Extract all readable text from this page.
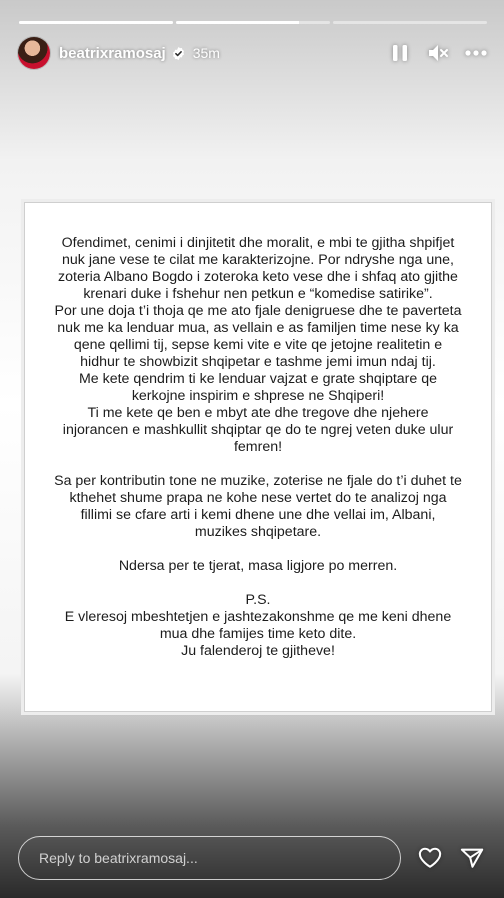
beatrixramosaj 35m

Ofendimet, cenimi i dinjitetit dhe moralit, e mbi te gjitha shpifjet nuk jane vese te cilat me karakterizojne. Por ndryshe nga une, zoteria Albano Bogdo i zoteroka keto vese dhe i shfaq ato gjithe krenari duke i fshehur nen petkun e “komedise satirike”.

Por une doja t’i thoja qe me ato fjale denigruese dhe te paverteta nuk me ka lenduar mua, as vellain e as familjen time nese ky ka qene qellimi tij, sepse kemi vite e vite qe jetojne realitetin e hidhur te showbizit shqipetar e tashme jemi imun ndaj tij.

Me kete qendrim ti ke lenduar vajzat e grate shqiptare qe kerkojne inspirim e shprese ne Shqiperi!

Ti me kete qe ben e mbyt ate dhe tregove dhe njehere injorancen e mashkullit shqiptar qe do te ngrej veten duke ulur femren!

Sa per kontributin tone ne muzike, zoterise ne fjale do t’i duhet te kthehet shume prapa ne kohe nese vertet do te analizoj nga fillimi se cfare arti i kemi dhene une dhe vellai im, Albani, muzikes shqipetare.

Ndersa per te tjerat, masa ligjore po merren.

P.S.

E vleresoj mbeshtetjen e jashtezakonshme qe me keni dhene mua dhe famijes time keto dite.

Ju falenderoj te gjitheve!

Reply to beatrixramosaj...
